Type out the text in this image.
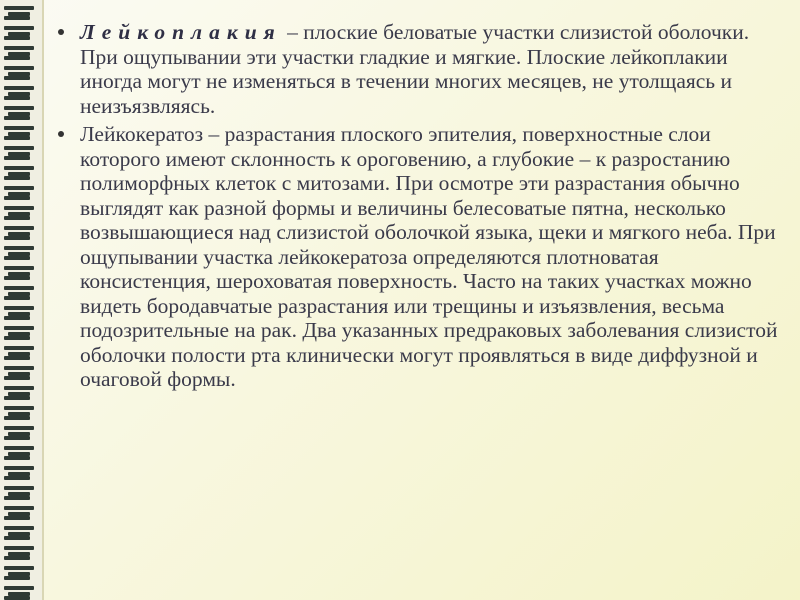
Лейкоплакия – плоские беловатые участки слизистой оболочки. При ощупывании эти участки гладкие и мягкие. Плоские лейкоплакии иногда могут не изменяться в течении многих месяцев, не утолщаясь и неизъязвляясь.

Лейкокератоз – разрастания плоского эпителия, поверхностные слои которого имеют склонность к ороговению, а глубокие – к разростанию полиморфных клеток с митозами. При осмотре эти разрастания обычно выглядят как разной формы и величины белесоватые пятна, несколько возвышающиеся над слизистой оболочкой языка, щеки и мягкого неба. При ощупывании участка лейкокератоза определяются плотноватая консистенция, шероховатая поверхность. Часто на таких участках можно видеть бородавчатые разрастания или трещины и изъязвления, весьма подозрительные на рак. Два указанных предраковых заболевания слизистой оболочки полости рта клинически могут проявляться в виде диффузной и очаговой формы.
